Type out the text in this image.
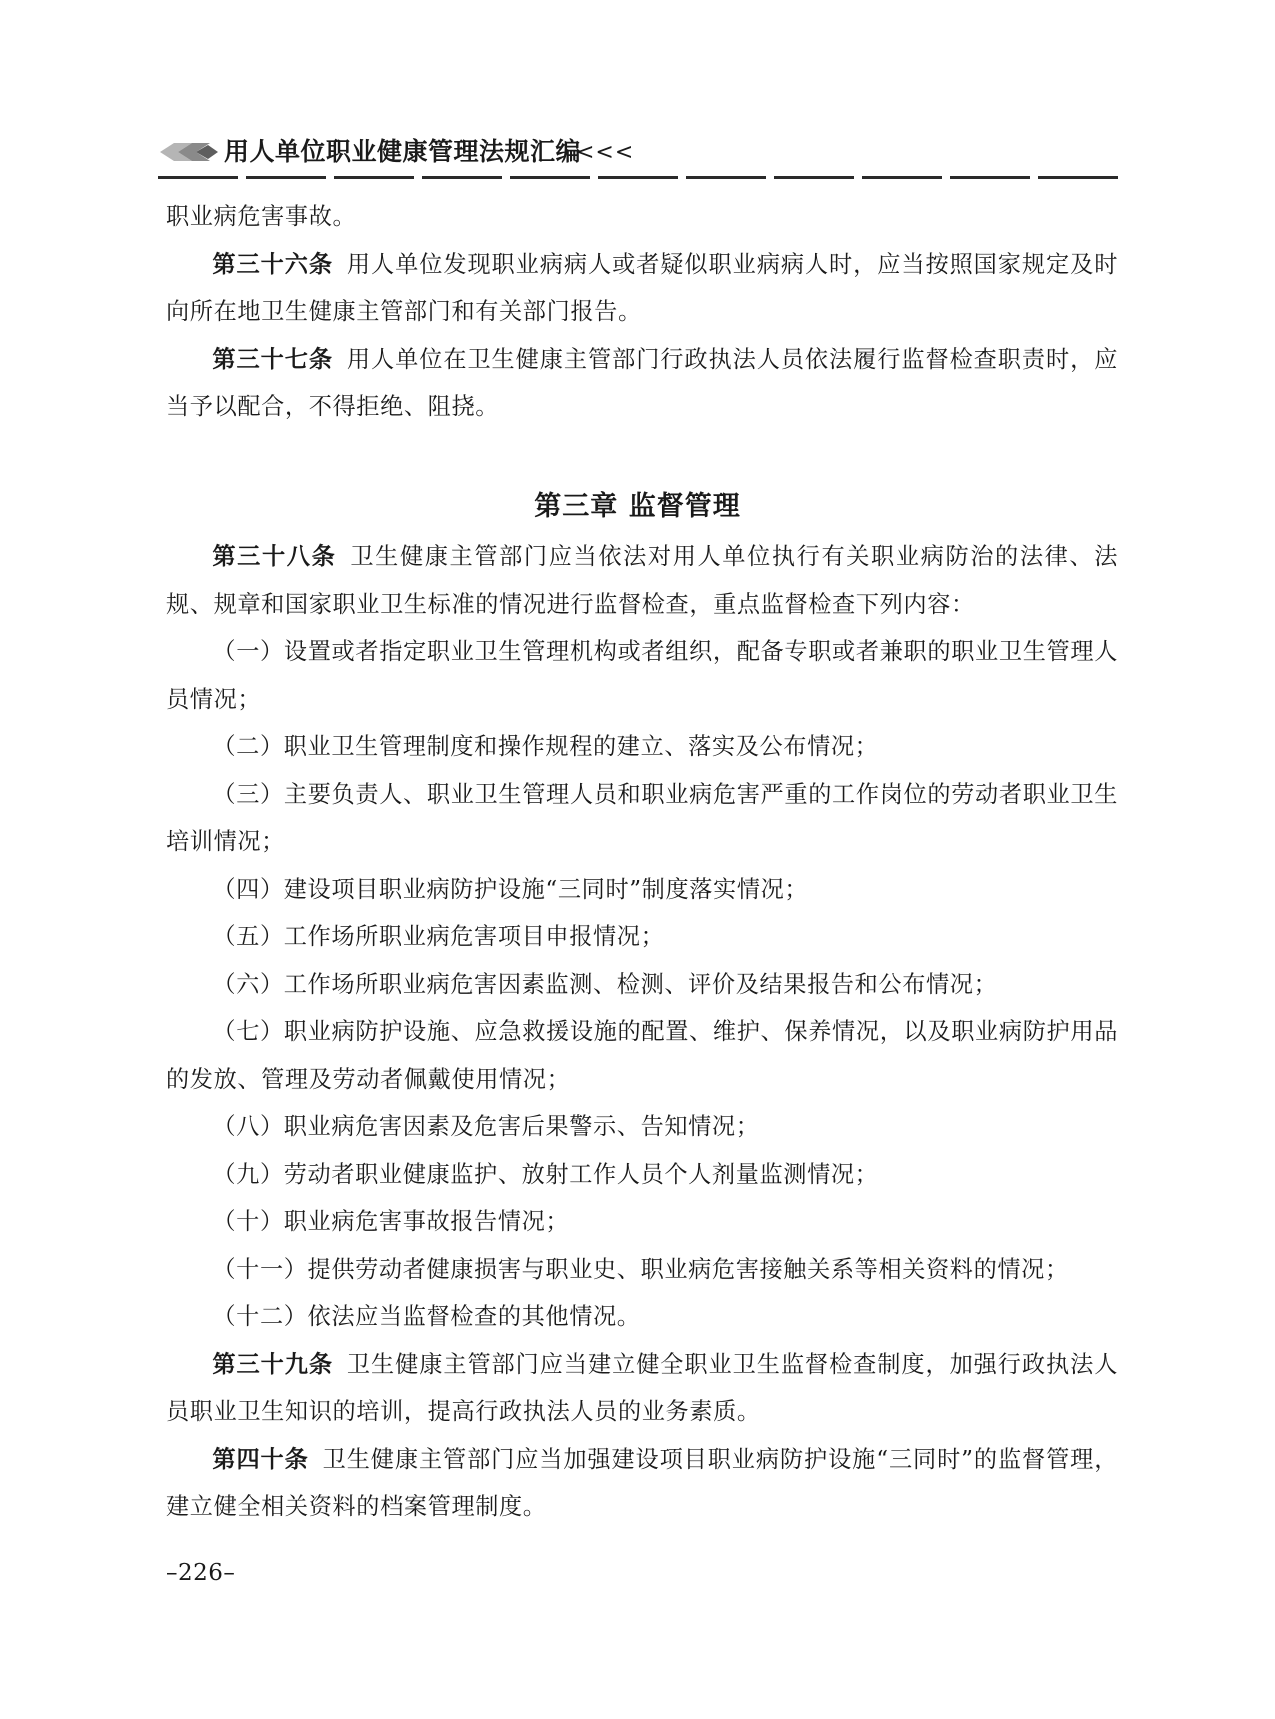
用人单位职业健康管理法规汇编
<<<

职业病危害事故。

第三十六条 用人单位发现职业病病人或者疑似职业病病人时，应当按照国家规定及时向所在地卫生健康主管部门和有关部门报告。

第三十七条 用人单位在卫生健康主管部门行政执法人员依法履行监督检查职责时，应当予以配合，不得拒绝、阻挠。

第三章 监督管理

第三十八条 卫生健康主管部门应当依法对用人单位执行有关职业病防治的法律、法规、规章和国家职业卫生标准的情况进行监督检查，重点监督检查下列内容：

（一）设置或者指定职业卫生管理机构或者组织，配备专职或者兼职的职业卫生管理人员情况；

（二）职业卫生管理制度和操作规程的建立、落实及公布情况；

（三）主要负责人、职业卫生管理人员和职业病危害严重的工作岗位的劳动者职业卫生培训情况；

（四）建设项目职业病防护设施“三同时”制度落实情况；

（五）工作场所职业病危害项目申报情况；

（六）工作场所职业病危害因素监测、检测、评价及结果报告和公布情况；

（七）职业病防护设施、应急救援设施的配置、维护、保养情况，以及职业病防护用品的发放、管理及劳动者佩戴使用情况；

（八）职业病危害因素及危害后果警示、告知情况；

（九）劳动者职业健康监护、放射工作人员个人剂量监测情况；

（十）职业病危害事故报告情况；

（十一）提供劳动者健康损害与职业史、职业病危害接触关系等相关资料的情况；

（十二）依法应当监督检查的其他情况。

第三十九条 卫生健康主管部门应当建立健全职业卫生监督检查制度，加强行政执法人员职业卫生知识的培训，提高行政执法人员的业务素质。

第四十条 卫生健康主管部门应当加强建设项目职业病防护设施“三同时”的监督管理，建立健全相关资料的档案管理制度。

–226–
